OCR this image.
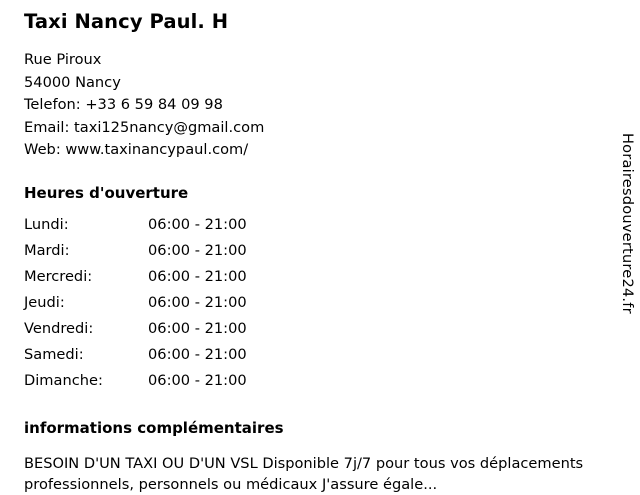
Taxi Nancy Paul. H
Rue Piroux
54000 Nancy
Telefon: +33 6 59 84 09 98
Email: taxi125nancy@gmail.com
Web: www.taxinancypaul.com/
Heures d'ouverture
Lundi:	06:00 - 21:00
Mardi:	06:00 - 21:00
Mercredi:	06:00 - 21:00
Jeudi:	06:00 - 21:00
Vendredi:	06:00 - 21:00
Samedi:	06:00 - 21:00
Dimanche:	06:00 - 21:00
informations complémentaires
BESOIN D'UN TAXI OU D'UN VSL Disponible 7j/7 pour tous vos déplacements professionnels, personnels ou médicaux J'assure égale...
Horairesdouverture24.fr
